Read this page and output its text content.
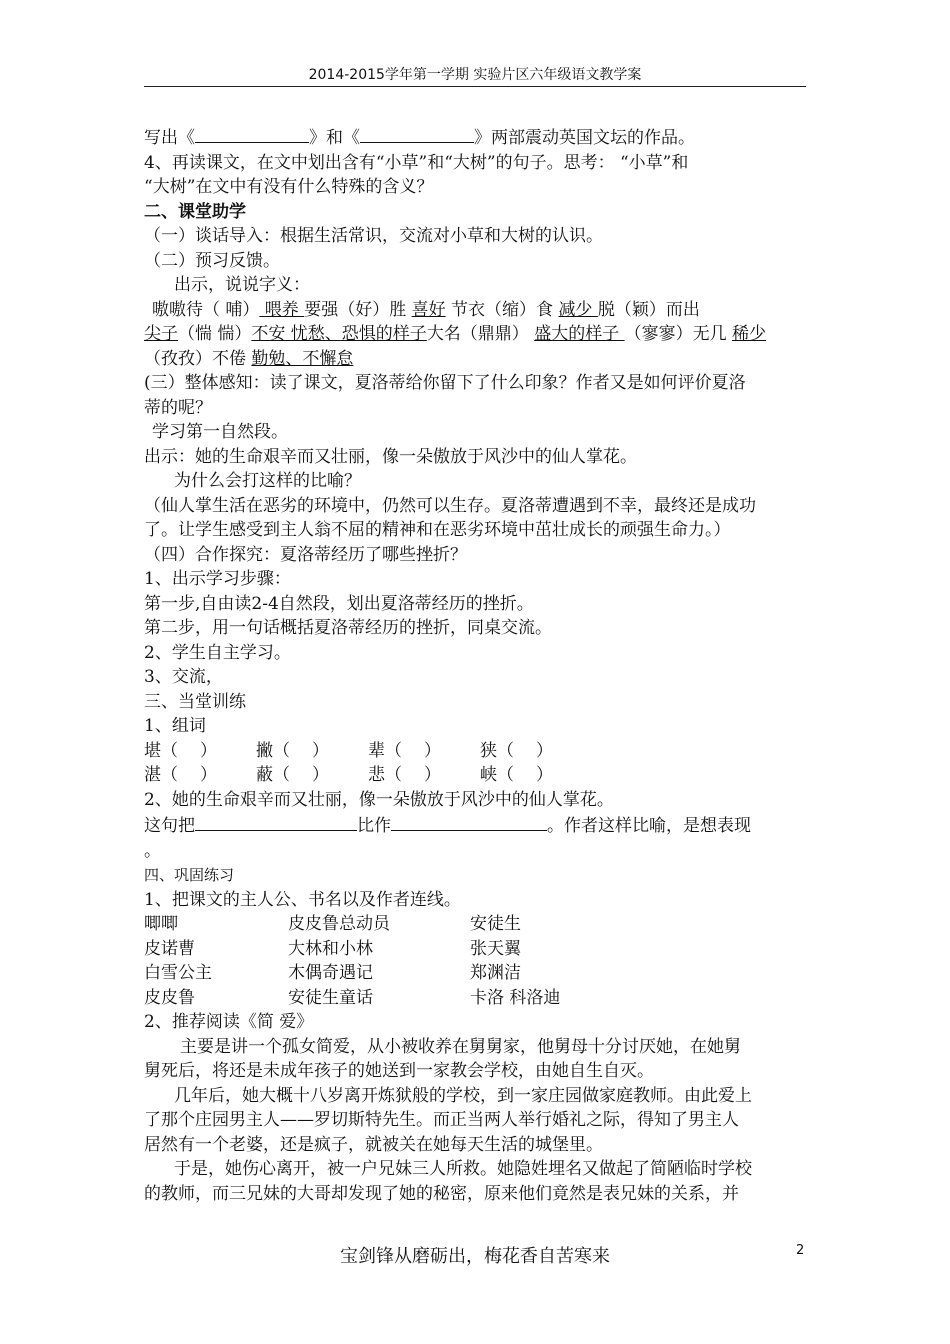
2014-2015学年第一学期 实验片区六年级语文教学案
写出《	》和《	》两部震动英国文坛的作品。
4、再读课文，在文中划出含有“小草”和“大树”的句子。思考： “小草”和
“大树”在文中有没有什么特殊的含义？
二、课堂助学
（一）谈话导入：根据生活常识，交流对小草和大树的认识。
（二）预习反馈。
出示，说说字义：
嗷嗷待（ 哺） 喂养 要强（好）胜 喜好 节衣（缩）食 减少 脱（颖）而出
尖子（惴 惴）不安 忧愁、恐惧的样子大名（鼎鼎） 盛大的样子 （寥寥）无几 稀少
（孜孜）不倦 勤勉、不懈怠
(三）整体感知：读了课文，夏洛蒂给你留下了什么印象？作者又是如何评价夏洛
蒂的呢？
学习第一自然段。
出示：她的生命艰辛而又壮丽，像一朵傲放于风沙中的仙人掌花。
为什么会打这样的比喻？
（仙人掌生活在恶劣的环境中，仍然可以生存。夏洛蒂遭遇到不幸，最终还是成功
了。让学生感受到主人翁不屈的精神和在恶劣环境中茁壮成长的顽强生命力。）
（四）合作探究：夏洛蒂经历了哪些挫折？
1、出示学习步骤：
第一步,自由读2-4自然段，划出夏洛蒂经历的挫折。
第二步，用一句话概括夏洛蒂经历的挫折，同桌交流。
2、学生自主学习。
3、交流，
三、当堂训练
1、组词
堪（ ） 撇（ ） 辈（ ） 狭（ ）
湛（ ） 蔽（ ） 悲（ ） 峡（ ）
2、她的生命艰辛而又壮丽，像一朵傲放于风沙中的仙人掌花。
这句把	比作	。作者这样比喻，是想表现
。
四、巩固练习
1、把课文的主人公、书名以及作者连线。
唧唧	皮皮鲁总动员	安徒生
皮诺曹	大林和小林	张天翼
白雪公主	木偶奇遇记	郑渊洁
皮皮鲁	安徒生童话	卡洛 科洛迪
2、推荐阅读《简 爱》
主要是讲一个孤女简爱，从小被收养在舅舅家，他舅母十分讨厌她，在她舅
舅死后，将还是未成年孩子的她送到一家教会学校，由她自生自灭。
几年后，她大概十八岁离开炼狱般的学校，到一家庄园做家庭教师。由此爱上
了那个庄园男主人——罗切斯特先生。而正当两人举行婚礼之际，得知了男主人
居然有一个老婆，还是疯子，就被关在她每天生活的城堡里。
于是，她伤心离开，被一户兄妹三人所救。她隐姓埋名又做起了简陋临时学校
的教师，而三兄妹的大哥却发现了她的秘密，原来他们竟然是表兄妹的关系，并
宝剑锋从磨砺出，梅花香自苦寒来	2
